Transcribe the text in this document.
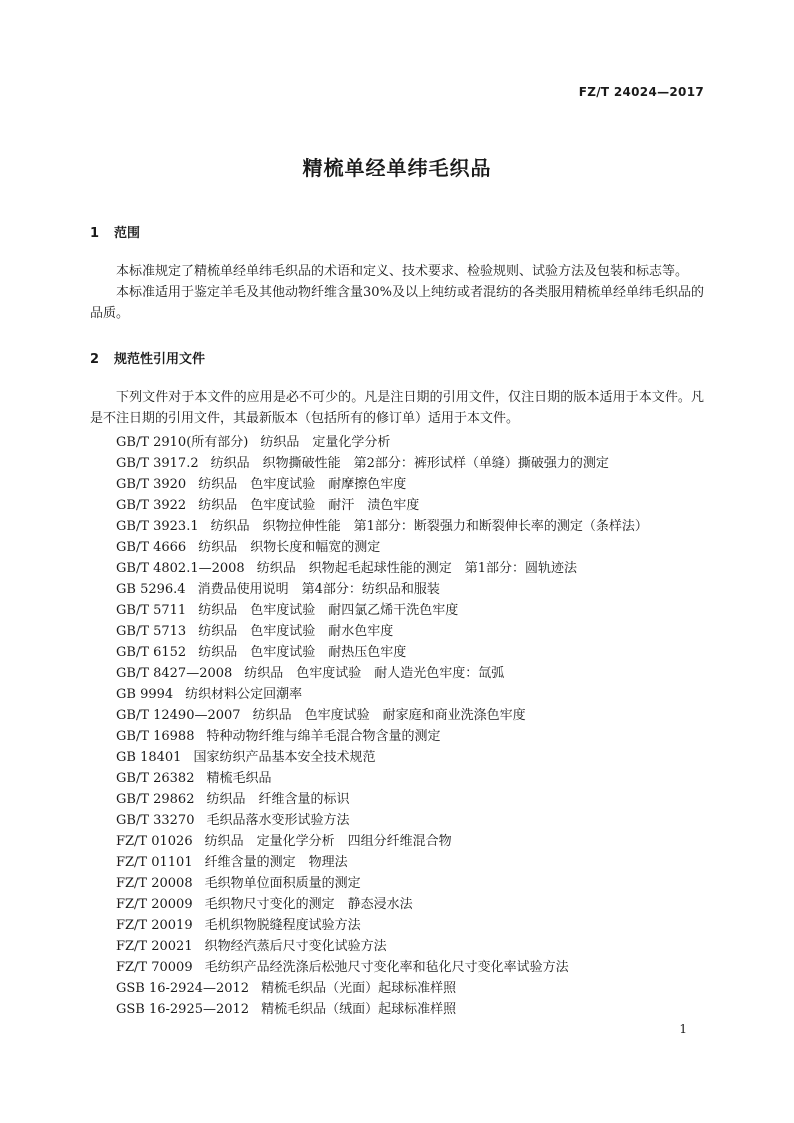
FZ/T 24024—2017
精梳单经单纬毛织品
1 范围

本标准规定了精梳单经单纬毛织品的术语和定义、技术要求、检验规则、试验方法及包装和标志等。

本标准适用于鉴定羊毛及其他动物纤维含量30%及以上纯纺或者混纺的各类服用精梳单经单纬毛织品的品质。

2 规范性引用文件

下列文件对于本文件的应用是必不可少的。凡是注日期的引用文件，仅注日期的版本适用于本文件。凡是不注日期的引用文件，其最新版本（包括所有的修订单）适用于本文件。

GB/T 2910(所有部分) 纺织品　定量化学分析
GB/T 3917.2 纺织品　织物撕破性能　第2部分：裤形试样（单缝）撕破强力的测定
GB/T 3920 纺织品　色牢度试验　耐摩擦色牢度
GB/T 3922 纺织品　色牢度试验　耐汗　渍色牢度
GB/T 3923.1 纺织品　织物拉伸性能　第1部分：断裂强力和断裂伸长率的测定（条样法）
GB/T 4666 纺织品　织物长度和幅宽的测定
GB/T 4802.1—2008 纺织品　织物起毛起球性能的测定　第1部分：圆轨迹法
GB 5296.4 消费品使用说明　第4部分：纺织品和服装
GB/T 5711 纺织品　色牢度试验　耐四氯乙烯干洗色牢度
GB/T 5713 纺织品　色牢度试验　耐水色牢度
GB/T 6152 纺织品　色牢度试验　耐热压色牢度
GB/T 8427—2008 纺织品　色牢度试验　耐人造光色牢度：氙弧
GB 9994 纺织材料公定回潮率
GB/T 12490—2007 纺织品　色牢度试验　耐家庭和商业洗涤色牢度
GB/T 16988 特种动物纤维与绵羊毛混合物含量的测定
GB 18401 国家纺织产品基本安全技术规范
GB/T 26382 精梳毛织品
GB/T 29862 纺织品　纤维含量的标识
GB/T 33270 毛织品落水变形试验方法
FZ/T 01026 纺织品　定量化学分析　四组分纤维混合物
FZ/T 01101 纤维含量的测定　物理法
FZ/T 20008 毛织物单位面积质量的测定
FZ/T 20009 毛织物尺寸变化的测定　静态浸水法
FZ/T 20019 毛机织物脱缝程度试验方法
FZ/T 20021 织物经汽蒸后尺寸变化试验方法
FZ/T 70009 毛纺织产品经洗涤后松弛尺寸变化率和毡化尺寸变化率试验方法
GSB 16-2924—2012 精梳毛织品（光面）起球标准样照
GSB 16-2925—2012 精梳毛织品（绒面）起球标准样照
1
